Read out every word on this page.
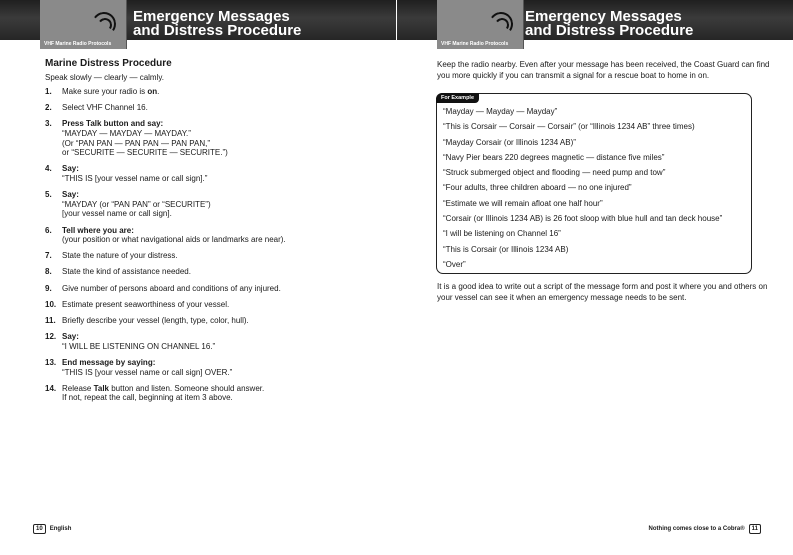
VHF Marine Radio Protocols
Emergency Messages
and Distress Procedure
Marine Distress Procedure
Speak slowly — clearly — calmly.
1.	Make sure your radio is on.
2.	Select VHF Channel 16.
3.	Press Talk button and say:
“MAYDAY — MAYDAY — MAYDAY.”
(Or “PAN PAN — PAN PAN — PAN PAN,”
or “SECURITE — SECURITE — SECURITE.”)
4.	Say:
“THIS IS [your vessel name or call sign].”
5.	Say:
“MAYDAY (or “PAN PAN” or “SECURITE”)
[your vessel name or call sign].
6.	Tell where you are:
(your position or what navigational aids or landmarks are near).
7.	State the nature of your distress.
8.	State the kind of assistance needed.
9.	Give number of persons aboard and conditions of any injured.
10. Estimate present seaworthiness of your vessel.
11. Briefly describe your vessel (length, type, color, hull).
12. Say:
“I WILL BE LISTENING ON CHANNEL 16.”
13. End message by saying:
“THIS IS [your vessel name or call sign] OVER.”
14. Release Talk button and listen. Someone should answer.
If not, repeat the call, beginning at item 3 above.
10	English
VHF Marine Radio Protocols
Emergency Messages
and Distress Procedure
Keep the radio nearby. Even after your message has been received, the Coast Guard can find you more quickly if you can transmit a signal for a rescue boat to home in on.
For Example
“Mayday — Mayday — Mayday”
“This is Corsair — Corsair — Corsair” (or “Illinois 1234 AB” three times)
“Mayday Corsair (or Illinois 1234 AB)”
“Navy Pier bears 220 degrees magnetic — distance five miles”
“Struck submerged object and flooding — need pump and tow”
“Four adults, three children aboard — no one injured”
“Estimate we will remain afloat one half hour”
“Corsair (or Illinois 1234 AB) is 26 foot sloop with blue hull and tan deck house”
“I will be listening on Channel 16”
“This is Corsair (or Illinois 1234 AB)
“Over”
It is a good idea to write out a script of the message form and post it where you and others on your vessel can see it when an emergency message needs to be sent.
Nothing comes close to a Cobra®	11
